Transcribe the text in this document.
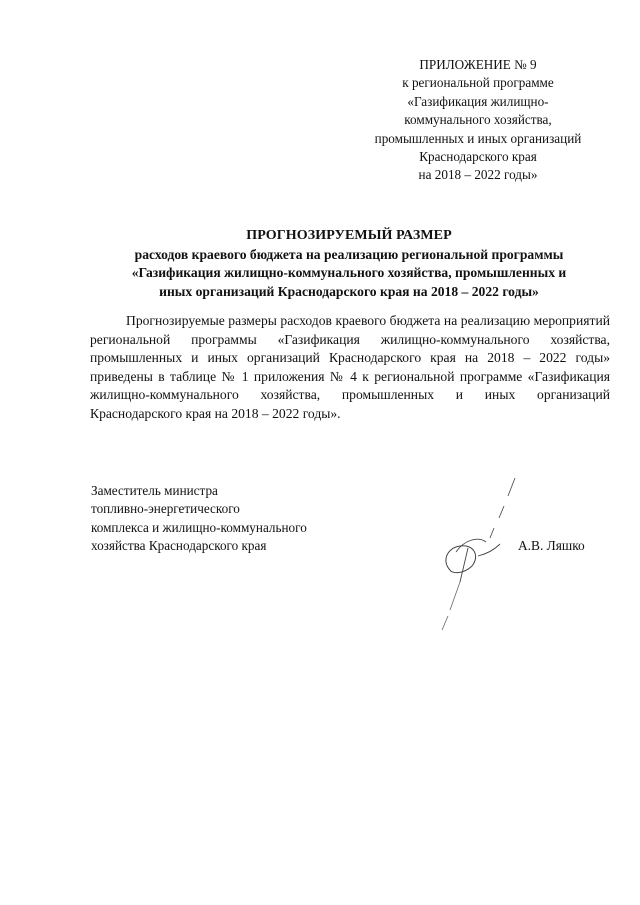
ПРИЛОЖЕНИЕ № 9
к региональной программе
«Газификация жилищно-
коммунального хозяйства,
промышленных и иных организаций
Краснодарского края
на 2018 – 2022 годы»
ПРОГНОЗИРУЕМЫЙ РАЗМЕР
расходов краевого бюджета на реализацию региональной программы
«Газификация жилищно-коммунального хозяйства, промышленных и
иных организаций Краснодарского края на 2018 – 2022 годы»
Прогнозируемые размеры расходов краевого бюджета на реализацию мероприятий региональной программы «Газификация жилищно-коммунального хозяйства, промышленных и иных организаций Краснодарского края на 2018 – 2022 годы» приведены в таблице № 1 приложения № 4 к региональной программе «Газификация жилищно-коммунального хозяйства, промышленных и иных организаций Краснодарского края на 2018 – 2022 годы».
Заместитель министра
топливно-энергетического
комплекса и жилищно-коммунального
хозяйства Краснодарского края	А.В. Ляшко
